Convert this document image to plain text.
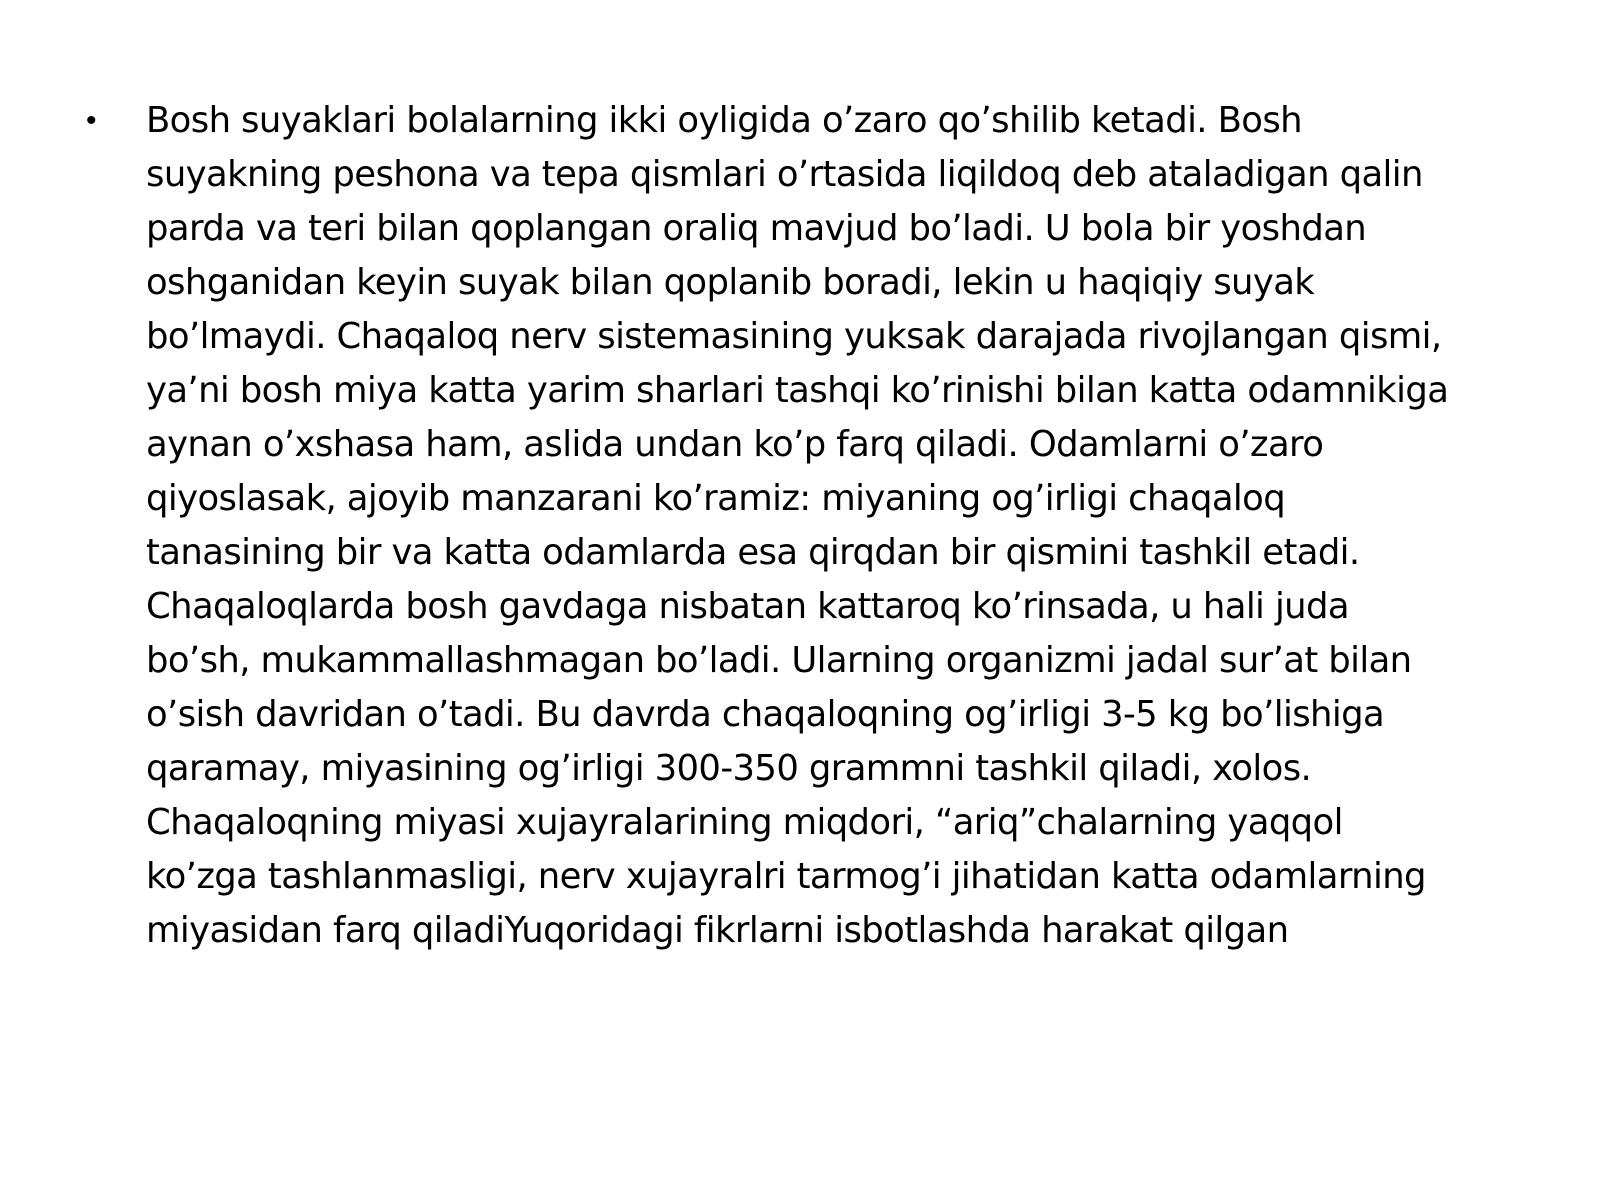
•	Bosh suyaklari bolalarning ikki oyligida o’zaro qo’shilib ketadi. Bosh
suyakning peshona va tepa qismlari o’rtasida liqildoq deb ataladigan qalin
parda va teri bilan qoplangan oraliq mavjud bo’ladi. U bola bir yoshdan
oshganidan keyin suyak bilan qoplanib boradi, lekin u haqiqiy suyak
bo’lmaydi. Chaqaloq nerv sistemasining yuksak darajada rivojlangan qismi,
ya’ni bosh miya katta yarim sharlari tashqi ko’rinishi bilan katta odamnikiga
aynan o’xshasa ham, aslida undan ko’p farq qiladi. Odamlarni o’zaro
qiyoslasak, ajoyib manzarani ko’ramiz: miyaning og’irligi chaqaloq
tanasining bir va katta odamlarda esa qirqdan bir qismini tashkil etadi.
Chaqaloqlarda bosh gavdaga nisbatan kattaroq ko’rinsada, u hali juda
bo’sh, mukammallashmagan bo’ladi. Ularning organizmi jadal sur’at bilan
o’sish davridan o’tadi. Bu davrda chaqaloqning og’irligi 3-5 kg bo’lishiga
qaramay, miyasining og’irligi 300-350 grammni tashkil qiladi, xolos.
Chaqaloqning miyasi xujayralarining miqdori, “ariq”chalarning yaqqol
ko’zga tashlanmasligi, nerv xujayralri tarmog’i jihatidan katta odamlarning
miyasidan farq qiladiYuqoridagi fikrlarni isbotlashda harakat qilgan
